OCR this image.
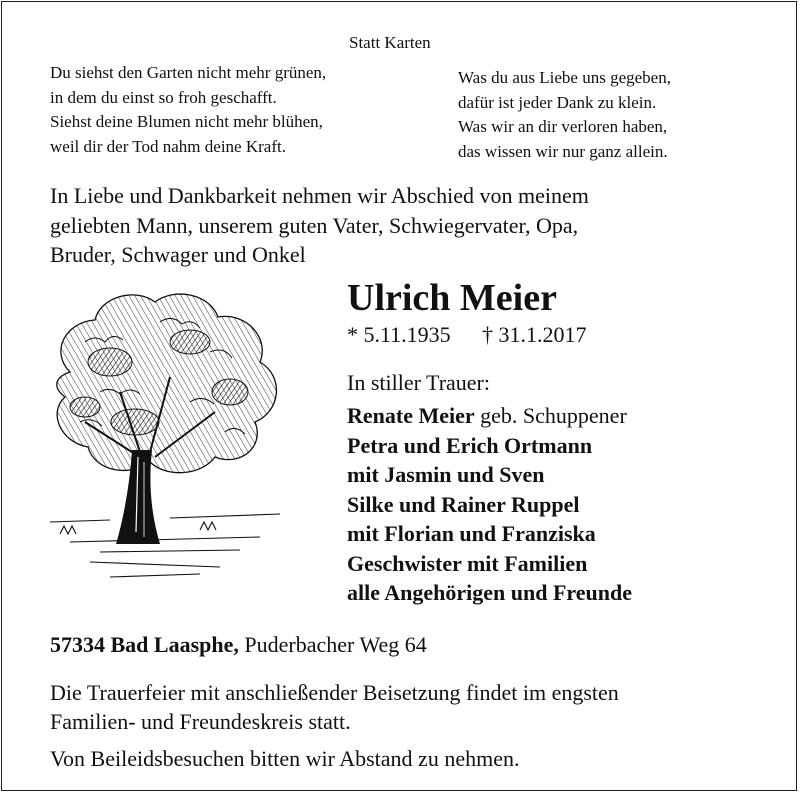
Statt Karten
Du siehst den Garten nicht mehr grünen,
in dem du einst so froh geschafft.
Siehst deine Blumen nicht mehr blühen,
weil dir der Tod nahm deine Kraft.
Was du aus Liebe uns gegeben,
dafür ist jeder Dank zu klein.
Was wir an dir verloren haben,
das wissen wir nur ganz allein.
In Liebe und Dankbarkeit nehmen wir Abschied von meinem
geliebten Mann, unserem guten Vater, Schwiegervater, Opa,
Bruder, Schwager und Onkel
Ulrich Meier
* 5.11.1935 † 31.1.2017
In stiller Trauer:
Renate Meier geb. Schuppener
Petra und Erich Ortmann
mit Jasmin und Sven
Silke und Rainer Ruppel
mit Florian und Franziska
Geschwister mit Familien
alle Angehörigen und Freunde
57334 Bad Laasphe, Puderbacher Weg 64
Die Trauerfeier mit anschließender Beisetzung findet im engsten
Familien- und Freundeskreis statt.
Von Beileidsbesuchen bitten wir Abstand zu nehmen.
